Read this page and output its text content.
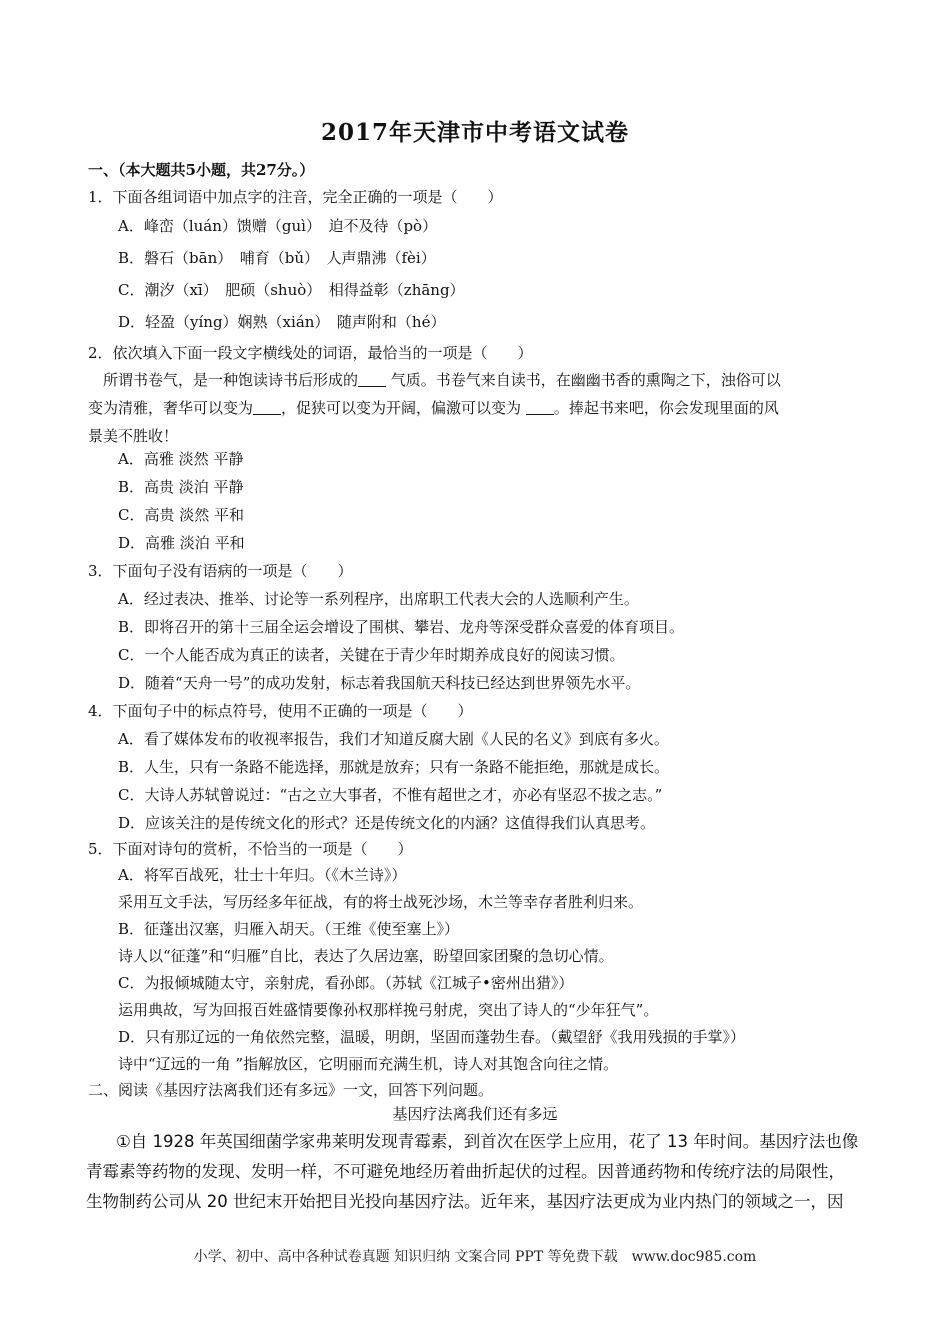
2017年天津市中考语文试卷
一、（本大题共5小题，共27分。）
1．下面各组词语中加点字的注音，完全正确的一项是（　　）
A．峰峦（luán）馈赠（guì）　迫不及待（pò）
B．磐石（bān）　哺育（bǔ）　人声鼎沸（fèi）
C．潮汐（xī）　肥硕（shuò）　相得益彰（zhāng）
D．轻盈（yíng）娴熟（xián）　随声附和（hé）
2．依次填入下面一段文字横线处的词语，最恰当的一项是（　　）
　所谓书卷气，是一种饱读诗书后形成的 气质。书卷气来自读书，在幽幽书香的熏陶之下，浊俗可以
变为清雅，奢华可以变为 ，促狭可以变为开阔，偏激可以变为 。捧起书来吧，你会发现里面的风
景美不胜收！
A．高雅 淡然 平静
B．高贵 淡泊 平静
C．高贵 淡然 平和
D．高雅 淡泊 平和
3．下面句子没有语病的一项是（　　）
A．经过表决、推举、讨论等一系列程序，出席职工代表大会的人选顺利产生。
B．即将召开的第十三届全运会增设了围棋、攀岩、龙舟等深受群众喜爱的体育项目。
C．一个人能否成为真正的读者，关键在于青少年时期养成良好的阅读习惯。
D．随着“天舟一号”的成功发射，标志着我国航天科技已经达到世界领先水平。
4．下面句子中的标点符号，使用不正确的一项是（　　）
A．看了媒体发布的收视率报告，我们才知道反腐大剧《人民的名义》到底有多火。
B．人生，只有一条路不能选择，那就是放弃；只有一条路不能拒绝，那就是成长。
C．大诗人苏轼曾说过：“古之立大事者，不惟有超世之才，亦必有坚忍不拔之志。”
D．应该关注的是传统文化的形式？还是传统文化的内涵？这值得我们认真思考。
5．下面对诗句的赏析，不恰当的一项是（　　）
A．将军百战死，壮士十年归。（《木兰诗》）
采用互文手法，写历经多年征战，有的将士战死沙场，木兰等幸存者胜利归来。
B．征蓬出汉塞，归雁入胡天。（王维《使至塞上》）
诗人以“征蓬”和“归雁”自比，表达了久居边塞，盼望回家团聚的急切心情。
C．为报倾城随太守，亲射虎，看孙郎。（苏轼《江城子•密州出猎》）
运用典故，写为回报百姓盛情要像孙权那样挽弓射虎，突出了诗人的“少年狂气”。
D．只有那辽远的一角依然完整，温暖，明朗，坚固而蓬勃生春。（戴望舒《我用残损的手掌》）
诗中“辽远的一角 ”指解放区，它明丽而充满生机，诗人对其饱含向往之情。
二、阅读《基因疗法离我们还有多远》一文，回答下列问题。
基因疗法离我们还有多远
①自 1928 年英国细菌学家弗莱明发现青霉素，到首次在医学上应用，花了 13 年时间。基因疗法也像
青霉素等药物的发现、发明一样，不可避免地经历着曲折起伏的过程。因普通药物和传统疗法的局限性，
生物制药公司从 20 世纪末开始把目光投向基因疗法。近年来，基因疗法更成为业内热门的领域之一，因
小学、初中、高中各种试卷真题 知识归纳 文案合同 PPT 等免费下载　www.doc985.com
